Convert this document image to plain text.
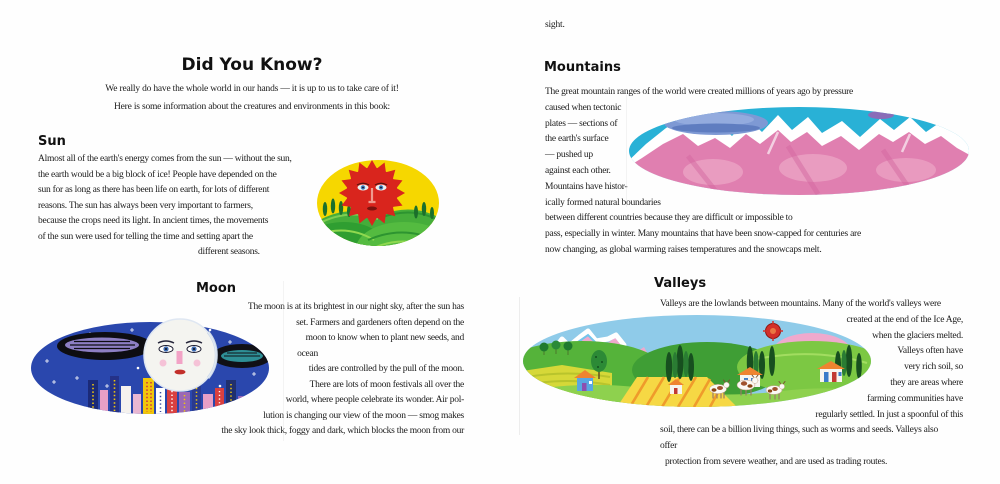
Did You Know?
We really do have the whole world in our hands — it is up to us to take care of it!
Here is some information about the creatures and environments in this book:
Sun
Almost all of the earth's energy comes from the sun — without the sun,
the earth would be a big block of ice! People have depended on the
sun for as long as there has been life on earth, for lots of different
reasons. The sun has always been very important to farmers,
because the crops need its light. In ancient times, the movements
of the sun were used for telling the time and setting apart the
different seasons.
Moon
The moon is at its brightest in our night sky, after the sun has
set. Farmers and gardeners often depend on the
moon to know when to plant new seeds, and
ocean
tides are controlled by the pull of the moon.
There are lots of moon festivals all over the
world, where people celebrate its wonder. Air pol-
lution is changing our view of the moon — smog makes
the sky look thick, foggy and dark, which blocks the moon from our
sight.
Mountains
The great mountain ranges of the world were created millions of years ago by pressure
caused when tectonic
plates — sections of
the earth's surface
— pushed up
against each other.
Mountains have histor-
ically formed natural boundaries
between different countries because they are difficult or impossible to
pass, especially in winter. Many mountains that have been snow-capped for centuries are
now changing, as global warming raises temperatures and the snowcaps melt.
Valleys
Valleys are the lowlands between mountains. Many of the world's valleys were
created at the end of the Ice Age,
when the glaciers melted.
Valleys often have
very rich soil, so
they are areas where
farming communities have
regularly settled. In just a spoonful of this
soil, there can be a billion living things, such as worms and seeds. Valleys also
offer
protection from severe weather, and are used as trading routes.
